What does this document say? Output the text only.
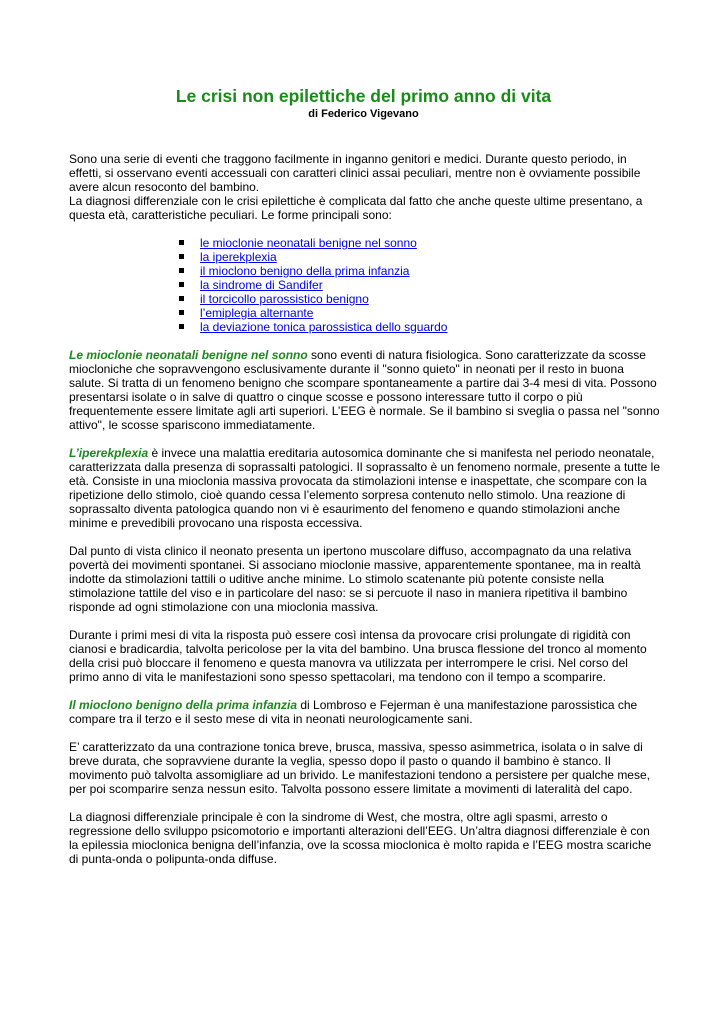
Le crisi non epilettiche del primo anno di vita
di Federico Vigevano

Sono una serie di eventi che traggono facilmente in inganno genitori e medici. Durante questo periodo, in effetti, si osservano eventi accessuali con caratteri clinici assai peculiari, mentre non è ovviamente possibile avere alcun resoconto del bambino.

La diagnosi differenziale con le crisi epilettiche è complicata dal fatto che anche queste ultime presentano, a questa età, caratteristiche peculiari. Le forme principali sono:

le mioclonie neonatali benigne nel sonno
la iperekplexia
il mioclono benigno della prima infanzia
la sindrome di Sandifer
il torcicollo parossistico benigno
l’emiplegia alternante
la deviazione tonica parossistica dello sguardo

Le mioclonie neonatali benigne nel sonno sono eventi di natura fisiologica. Sono caratterizzate da scosse miocloniche che sopravvengono esclusivamente durante il "sonno quieto" in neonati per il resto in buona salute. Si tratta di un fenomeno benigno che scompare spontaneamente a partire dai 3-4 mesi di vita. Possono presentarsi isolate o in salve di quattro o cinque scosse e possono interessare tutto il corpo o più frequentemente essere limitate agli arti superiori. L’EEG è normale. Se il bambino si sveglia o passa nel "sonno attivo", le scosse spariscono immediatamente.

L’iperekplexia è invece una malattia ereditaria autosomica dominante che si manifesta nel periodo neonatale, caratterizzata dalla presenza di soprassalti patologici. Il soprassalto è un fenomeno normale, presente a tutte le età. Consiste in una mioclonia massiva provocata da stimolazioni intense e inaspettate, che scompare con la ripetizione dello stimolo, cioè quando cessa l’elemento sorpresa contenuto nello stimolo. Una reazione di soprassalto diventa patologica quando non vi è esaurimento del fenomeno e quando stimolazioni anche minime e prevedibili provocano una risposta eccessiva.

Dal punto di vista clinico il neonato presenta un ipertono muscolare diffuso, accompagnato da una relativa povertà dei movimenti spontanei. Si associano mioclonie massive, apparentemente spontanee, ma in realtà indotte da stimolazioni tattili o uditive anche minime. Lo stimolo scatenante più potente consiste nella stimolazione tattile del viso e in particolare del naso: se si percuote il naso in maniera ripetitiva il bambino risponde ad ogni stimolazione con una mioclonia massiva.

Durante i primi mesi di vita la risposta può essere così intensa da provocare crisi prolungate di rigidità con cianosi e bradicardia, talvolta pericolose per la vita del bambino. Una brusca flessione del tronco al momento della crisi può bloccare il fenomeno e questa manovra va utilizzata per interrompere le crisi. Nel corso del primo anno di vita le manifestazioni sono spesso spettacolari, ma tendono con il tempo a scomparire.

Il mioclono benigno della prima infanzia di Lombroso e Fejerman è una manifestazione parossistica che compare tra il terzo e il sesto mese di vita in neonati neurologicamente sani.

E’ caratterizzato da una contrazione tonica breve, brusca, massiva, spesso asimmetrica, isolata o in salve di breve durata, che sopravviene durante la veglia, spesso dopo il pasto o quando il bambino è stanco. Il movimento può talvolta assomigliare ad un brivido. Le manifestazioni tendono a persistere per qualche mese, per poi scomparire senza nessun esito. Talvolta possono essere limitate a movimenti di lateralità del capo.

La diagnosi differenziale principale è con la sindrome di West, che mostra, oltre agli spasmi, arresto o regressione dello sviluppo psicomotorio e importanti alterazioni dell’EEG. Un’altra diagnosi differenziale è con la epilessia mioclonica benigna dell’infanzia, ove la scossa mioclonica è molto rapida e l’EEG mostra scariche di punta-onda o polipunta-onda diffuse.
